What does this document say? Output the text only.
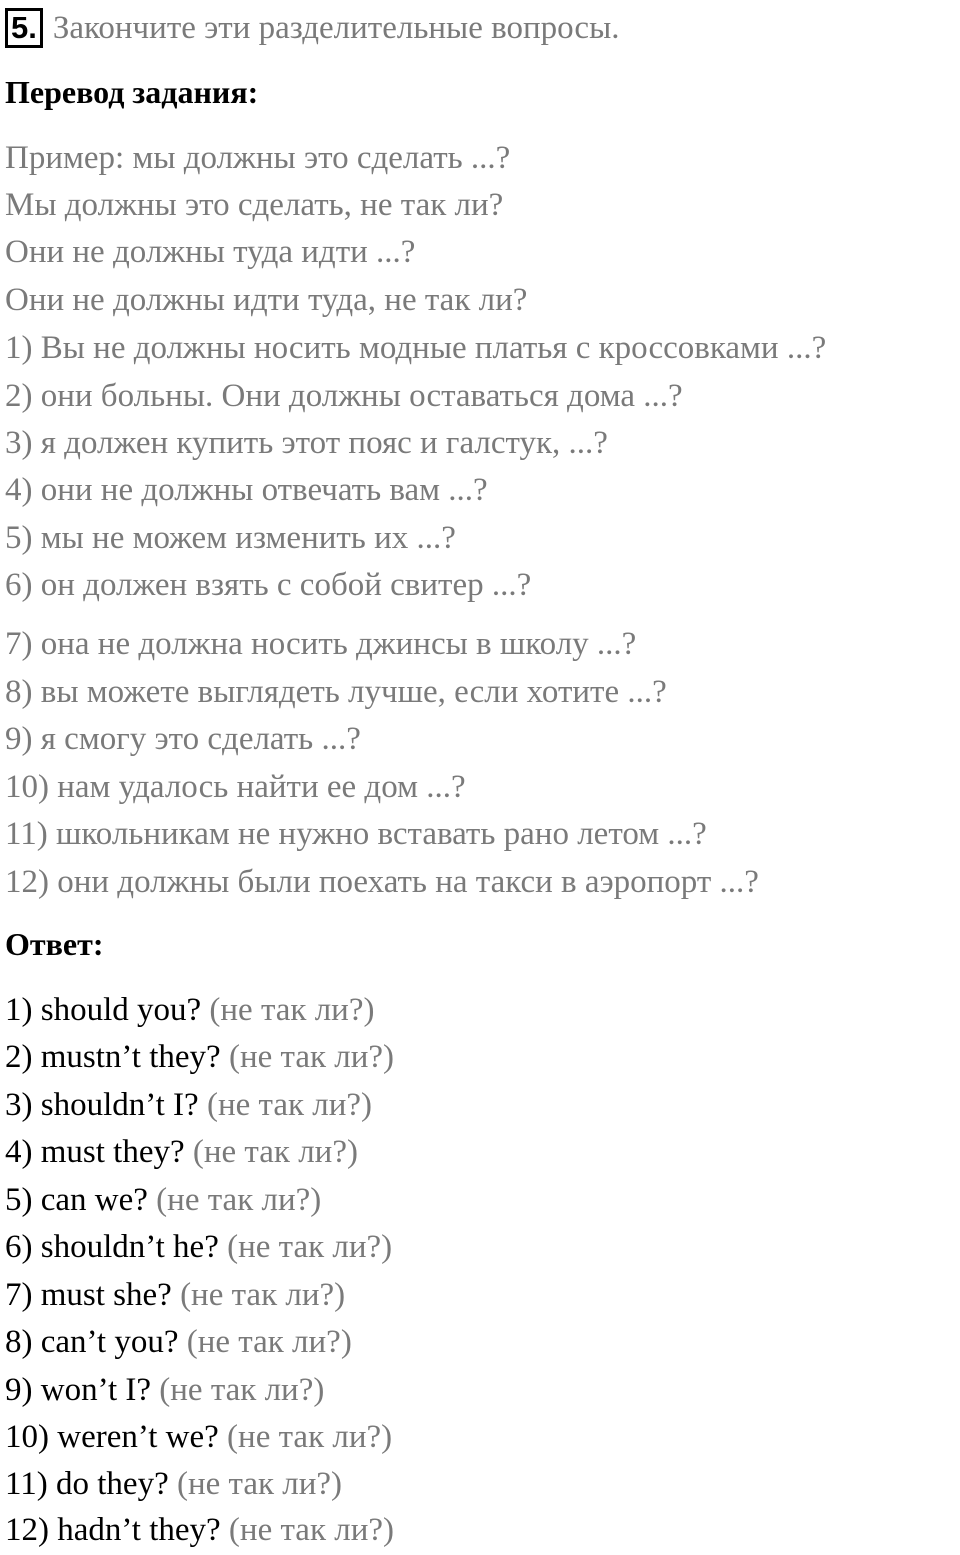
5. Закончите эти разделительные вопросы.
Перевод задания:
Пример: мы должны это сделать ...?
Мы должны это сделать, не так ли?
Они не должны туда идти ...?
Они не должны идти туда, не так ли?
1) Вы не должны носить модные платья с кроссовками ...?
2) они больны. Они должны оставаться дома ...?
3) я должен купить этот пояс и галстук, ...?
4) они не должны отвечать вам ...?
5) мы не можем изменить их ...?
6) он должен взять с собой свитер ...?
7) она не должна носить джинсы в школу ...?
8) вы можете выглядеть лучше, если хотите ...?
9) я смогу это сделать ...?
10) нам удалось найти ее дом ...?
11) школьникам не нужно вставать рано летом ...?
12) они должны были поехать на такси в аэропорт ...?
Ответ:
1) should you? (не так ли?)
2) mustn’t they? (не так ли?)
3) shouldn’t I? (не так ли?)
4) must they? (не так ли?)
5) can we? (не так ли?)
6) shouldn’t he? (не так ли?)
7) must she? (не так ли?)
8) can’t you? (не так ли?)
9) won’t I? (не так ли?)
10) weren’t we? (не так ли?)
11) do they? (не так ли?)
12) hadn’t they? (не так ли?)
